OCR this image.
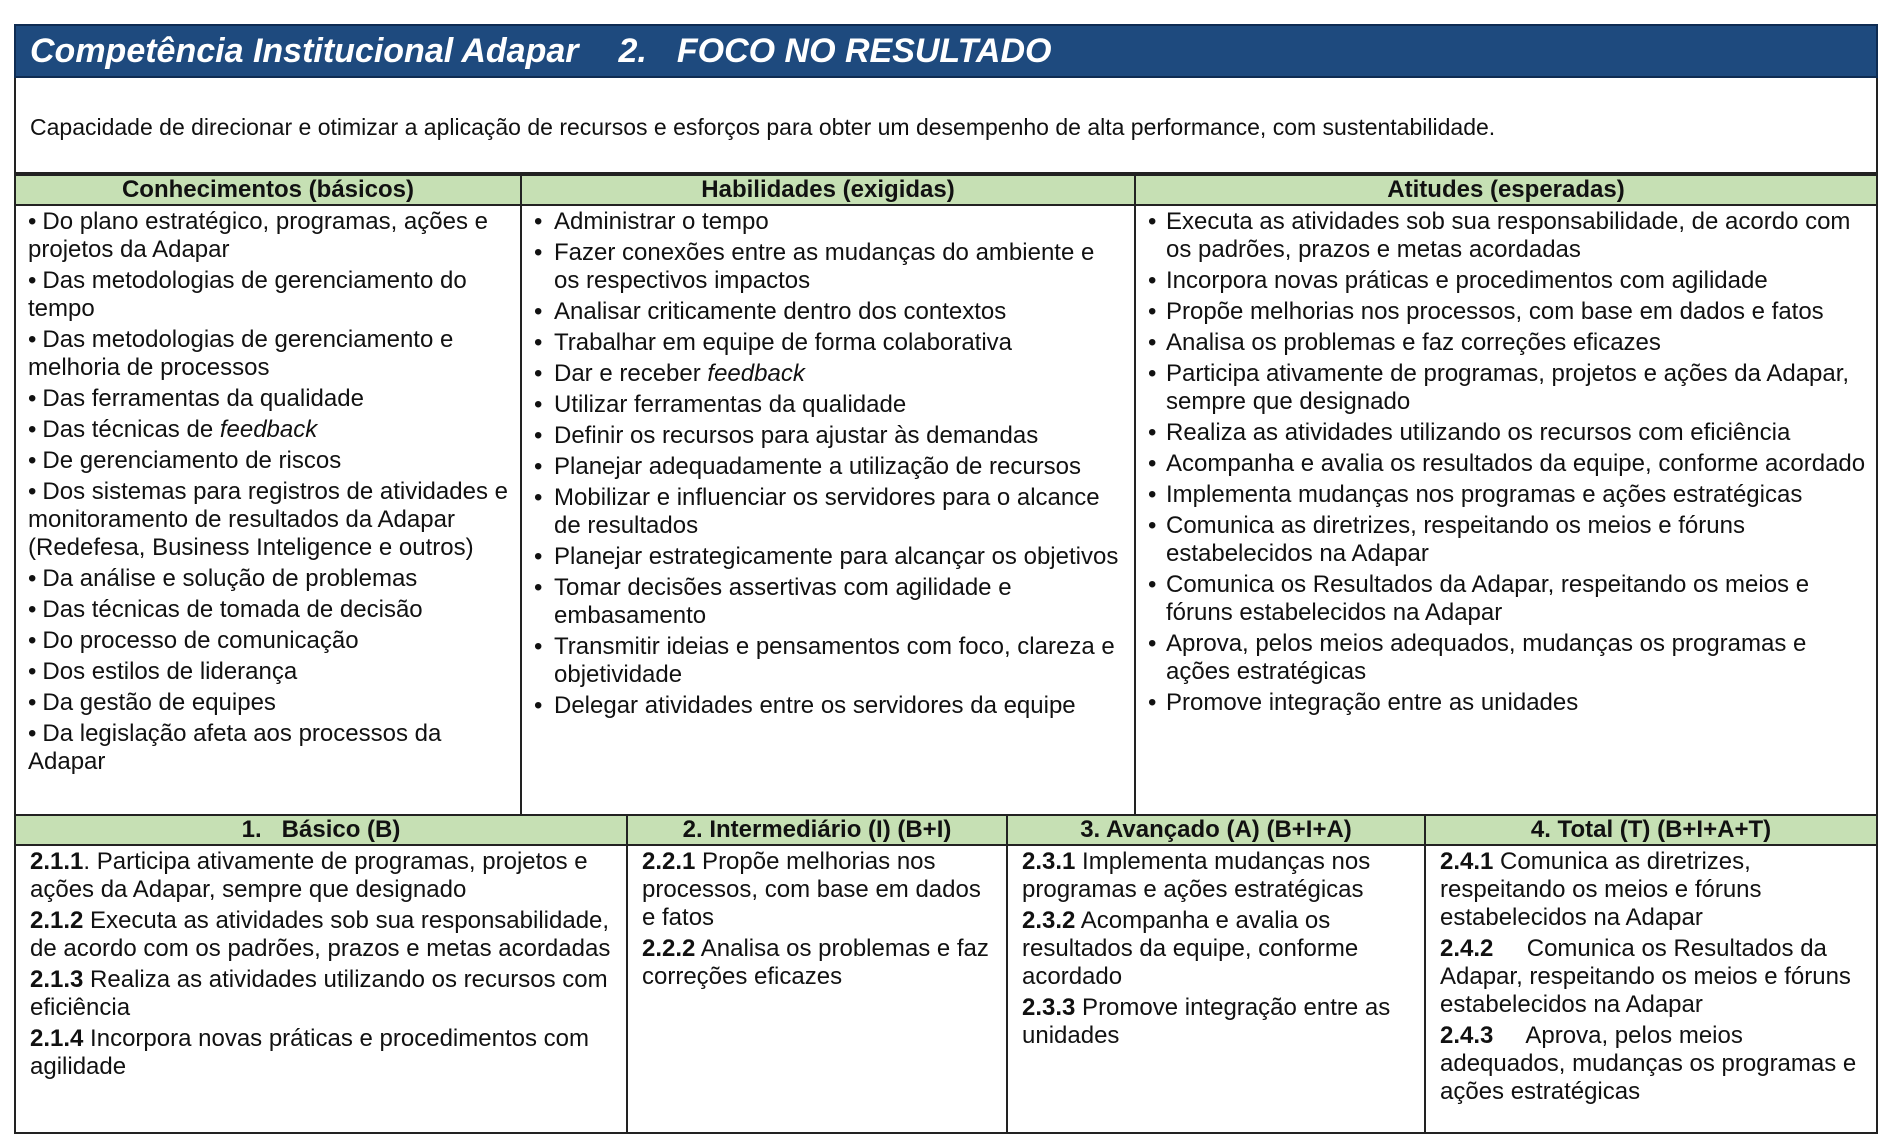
Competência Institucional Adapar 2. FOCO NO RESULTADO
Capacidade de direcionar e otimizar a aplicação de recursos e esforços para obter um desempenho de alta performance, com sustentabilidade.
Conhecimentos (básicos)
• Do plano estratégico, programas, ações e projetos da Adapar
• Das metodologias de gerenciamento do tempo
• Das metodologias de gerenciamento e melhoria de processos
• Das ferramentas da qualidade
• Das técnicas de feedback
• De gerenciamento de riscos
• Dos sistemas para registros de atividades e monitoramento de resultados da Adapar (Redefesa, Business Inteligence e outros)
• Da análise e solução de problemas
• Das técnicas de tomada de decisão
• Do processo de comunicação
• Dos estilos de liderança
• Da gestão de equipes
• Da legislação afeta aos processos da Adapar
Habilidades (exigidas)
• Administrar o tempo
• Fazer conexões entre as mudanças do ambiente e os respectivos impactos
• Analisar criticamente dentro dos contextos
• Trabalhar em equipe de forma colaborativa
• Dar e receber feedback
• Utilizar ferramentas da qualidade
• Definir os recursos para ajustar às demandas
• Planejar adequadamente a utilização de recursos
• Mobilizar e influenciar os servidores para o alcance de resultados
• Planejar estrategicamente para alcançar os objetivos
• Tomar decisões assertivas com agilidade e embasamento
• Transmitir ideias e pensamentos com foco, clareza e objetividade
• Delegar atividades entre os servidores da equipe
Atitudes (esperadas)
• Executa as atividades sob sua responsabilidade, de acordo com os padrões, prazos e metas acordadas
• Incorpora novas práticas e procedimentos com agilidade
• Propõe melhorias nos processos, com base em dados e fatos
• Analisa os problemas e faz correções eficazes
• Participa ativamente de programas, projetos e ações da Adapar, sempre que designado
• Realiza as atividades utilizando os recursos com eficiência
• Acompanha e avalia os resultados da equipe, conforme acordado
• Implementa mudanças nos programas e ações estratégicas
• Comunica as diretrizes, respeitando os meios e fóruns estabelecidos na Adapar
• Comunica os Resultados da Adapar, respeitando os meios e fóruns estabelecidos na Adapar
• Aprova, pelos meios adequados, mudanças os programas e ações estratégicas
• Promove integração entre as unidades
1.   Básico (B)

2.1.1. Participa ativamente de programas, projetos e ações da Adapar, sempre que designado

2.1.2 Executa as atividades sob sua responsabilidade, de acordo com os padrões, prazos e metas acordadas

2.1.3 Realiza as atividades utilizando os recursos com eficiência

2.1.4 Incorpora novas práticas e procedimentos com agilidade

2. Intermediário (I) (B+I)

2.2.1 Propõe melhorias nos processos, com base em dados e fatos

2.2.2 Analisa os problemas e faz correções eficazes

3. Avançado (A) (B+I+A)

2.3.1 Implementa mudanças nos programas e ações estratégicas

2.3.2 Acompanha e avalia os resultados da equipe, conforme acordado

2.3.3 Promove integração entre as unidades

4. Total (T) (B+I+A+T)

2.4.1 Comunica as diretrizes, respeitando os meios e fóruns estabelecidos na Adapar

2.4.2     Comunica os Resultados da Adapar, respeitando os meios e fóruns estabelecidos na Adapar

2.4.3     Aprova, pelos meios adequados, mudanças os programas e ações estratégicas
